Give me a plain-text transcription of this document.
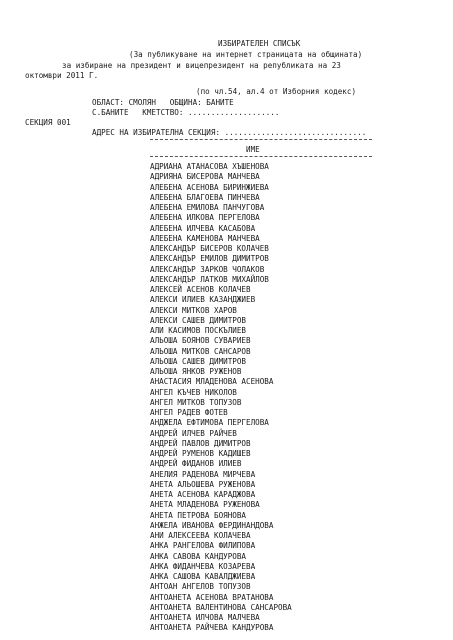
ИЗБИРАТЕЛЕН СПИСЪК
(За публикуване на интернет страницата на общината)
за избиране на президент и вицепрезидент на републиката на 23
октомври 2011 Г.
(по чл.54, ал.4 от Изборния кодекс)
ОБЛАСТ: СМОЛЯН   ОБЩИНА: БАНИТЕ
С.БАНИТЕ   КМЕТСТВО: ....................
СЕКЦИЯ 001
АДРЕС НА ИЗБИРАТЕЛНА СЕКЦИЯ: ...............................
ИМЕ
АДРИАНА АТАНАСОВА ХЪШЕНОВА
АДРИЯНА БИСЕРОВА МАНЧЕВА
АЛЕБЕНА АСЕНОВА БИРИНЖИЕВА
АЛЕБЕНА БЛАГОЕВА ПИНЧЕВА
АЛЕБЕНА ЕМИЛОВА ПАНЧУГОВА
АЛЕБЕНА ИЛКОВА ПЕРГЕЛОВА
АЛЕБЕНА ИЛЧЕВА КАСАБОВА
АЛЕБЕНА КАМЕНОВА МАНЧЕВА
АЛЕКСАНДЪР БИСЕРОВ КОЛАЧЕВ
АЛЕКСАНДЪР ЕМИЛОВ ДИМИТРОВ
АЛЕКСАНДЪР ЗАРКОВ ЧОЛАКОВ
АЛЕКСАНДЪР ЛАТКОВ МИХАЙЛОВ
АЛЕКСЕЙ АСЕНОВ КОЛАЧЕВ
АЛЕКСИ ИЛИЕВ КАЗАНДЖИЕВ
АЛЕКСИ МИТКОВ ХАРОВ
АЛЕКСИ САШЕВ ДИМИТРОВ
АЛИ КАСИМОВ ПОСКЪЛИЕВ
АЛЬОША БОЯНОВ СУВАРИЕВ
АЛЬОША МИТКОВ САНСАРОВ
АЛЬОША САШЕВ ДИМИТРОВ
АЛЬОША ЯНКОВ РУЖЕНОВ
АНАСТАСИЯ МЛАДЕНОВА АСЕНОВА
АНГЕЛ КЪЧЕВ НИКОЛОВ
АНГЕЛ МИТКОВ ТОПУЗОВ
АНГЕЛ РАДЕВ ФОТЕВ
АНДЖЕЛА ЕФТИМОВА ПЕРГЕЛОВА
АНДРЕЙ ИЛЧЕВ РАЙЧЕВ
АНДРЕЙ ПАВЛОВ ДИМИТРОВ
АНДРЕЙ РУМЕНОВ КАДИШЕВ
АНДРЕЙ ФИДАНОВ ИЛИЕВ
АНЕЛИЯ РАДЕНОВА МИРЧЕВА
АНЕТА АЛЬОШЕВА РУЖЕНОВА
АНЕТА АСЕНОВА КАРАДЖОВА
АНЕТА МЛАДЕНОВА РУЖЕНОВА
АНЕТА ПЕТРОВА БОЯНОВА
АНЖЕЛА ИВАНОВА ФЕРДИНАНДОВА
АНИ АЛЕКСЕЕВА КОЛАЧЕВА
АНКА РАНГЕЛОВА ФИЛИПОВА
АНКА САВОВА КАНДУРОВА
АНКА ФИДАНЧЕВА КОЗАРЕВА
АНКА САШОВА КАВАЛДЖИЕВА
АНТОАН АНГЕЛОВ ТОПУЗОВ
АНТОАНЕТА АСЕНОВА ВРАТАНОВА
АНТОАНЕТА ВАЛЕНТИНОВА САНСАРОВА
АНТОАНЕТА ИЛЧОВА МАЛЧЕВА
АНТОАНЕТА РАЙЧЕВА КАНДУРОВА
